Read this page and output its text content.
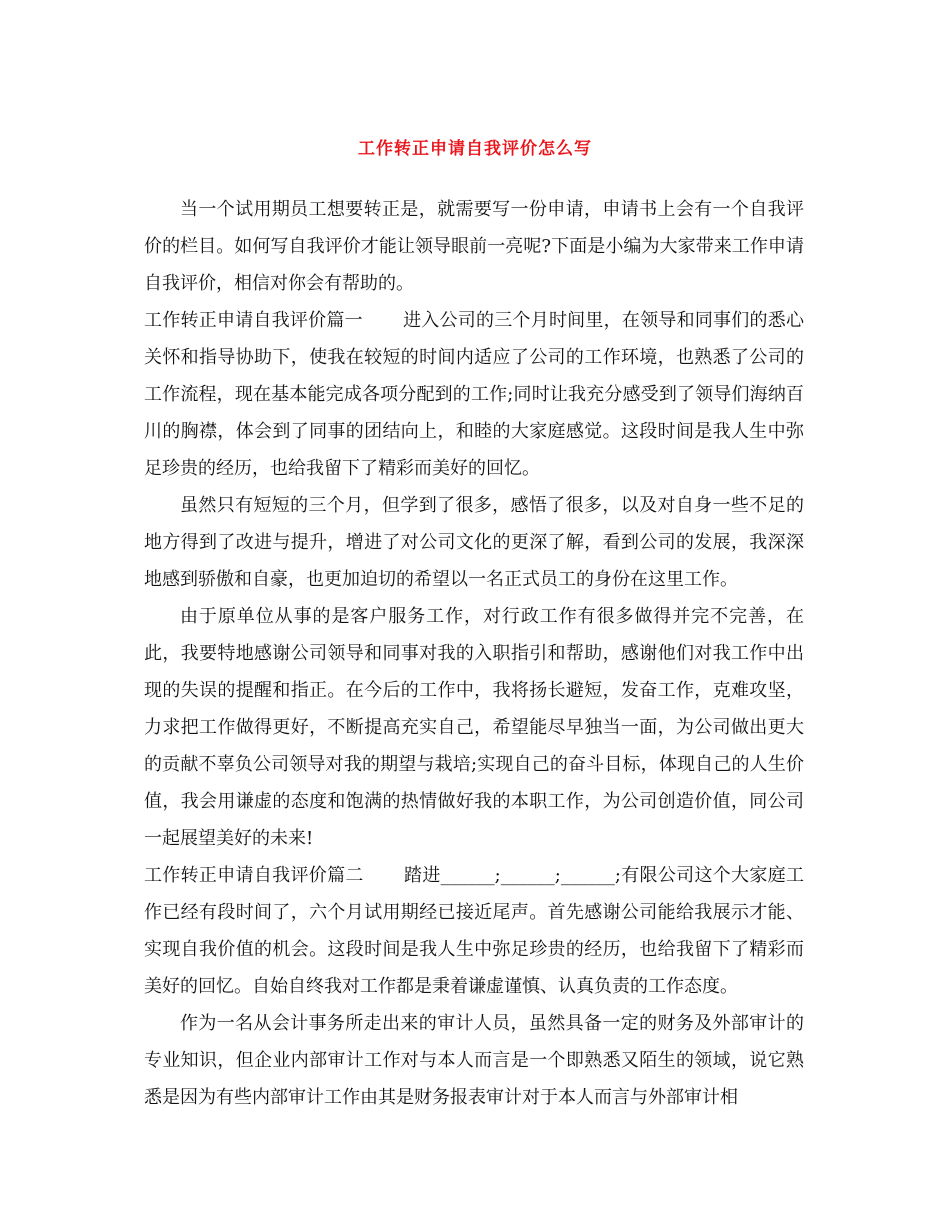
工作转正申请自我评价怎么写

当一个试用期员工想要转正是，就需要写一份申请，申请书上会有一个自我评价的栏目。如何写自我评价才能让领导眼前一亮呢?下面是小编为大家带来工作申请自我评价，相信对你会有帮助的。

工作转正申请自我评价篇一 进入公司的三个月时间里，在领导和同事们的悉心关怀和指导协助下，使我在较短的时间内适应了公司的工作环境，也熟悉了公司的工作流程，现在基本能完成各项分配到的工作;同时让我充分感受到了领导们海纳百川的胸襟，体会到了同事的团结向上，和睦的大家庭感觉。这段时间是我人生中弥足珍贵的经历，也给我留下了精彩而美好的回忆。

虽然只有短短的三个月，但学到了很多，感悟了很多，以及对自身一些不足的地方得到了改进与提升，增进了对公司文化的更深了解，看到公司的发展，我深深地感到骄傲和自豪，也更加迫切的希望以一名正式员工的身份在这里工作。

由于原单位从事的是客户服务工作，对行政工作有很多做得并完不完善，在此，我要特地感谢公司领导和同事对我的入职指引和帮助，感谢他们对我工作中出现的失误的提醒和指正。在今后的工作中，我将扬长避短，发奋工作，克难攻坚，力求把工作做得更好，不断提高充实自己，希望能尽早独当一面，为公司做出更大的贡献不辜负公司领导对我的期望与栽培;实现自己的奋斗目标，体现自己的人生价值，我会用谦虚的态度和饱满的热情做好我的本职工作，为公司创造价值，同公司一起展望美好的未来!

工作转正申请自我评价篇二 踏进______;______;______;有限公司这个大家庭工作已经有段时间了，六个月试用期经已接近尾声。首先感谢公司能给我展示才能、实现自我价值的机会。这段时间是我人生中弥足珍贵的经历，也给我留下了精彩而美好的回忆。自始自终我对工作都是秉着谦虚谨慎、认真负责的工作态度。

作为一名从会计事务所走出来的审计人员，虽然具备一定的财务及外部审计的专业知识，但企业内部审计工作对与本人而言是一个即熟悉又陌生的领域，说它熟悉是因为有些内部审计工作由其是财务报表审计对于本人而言与外部审计相
